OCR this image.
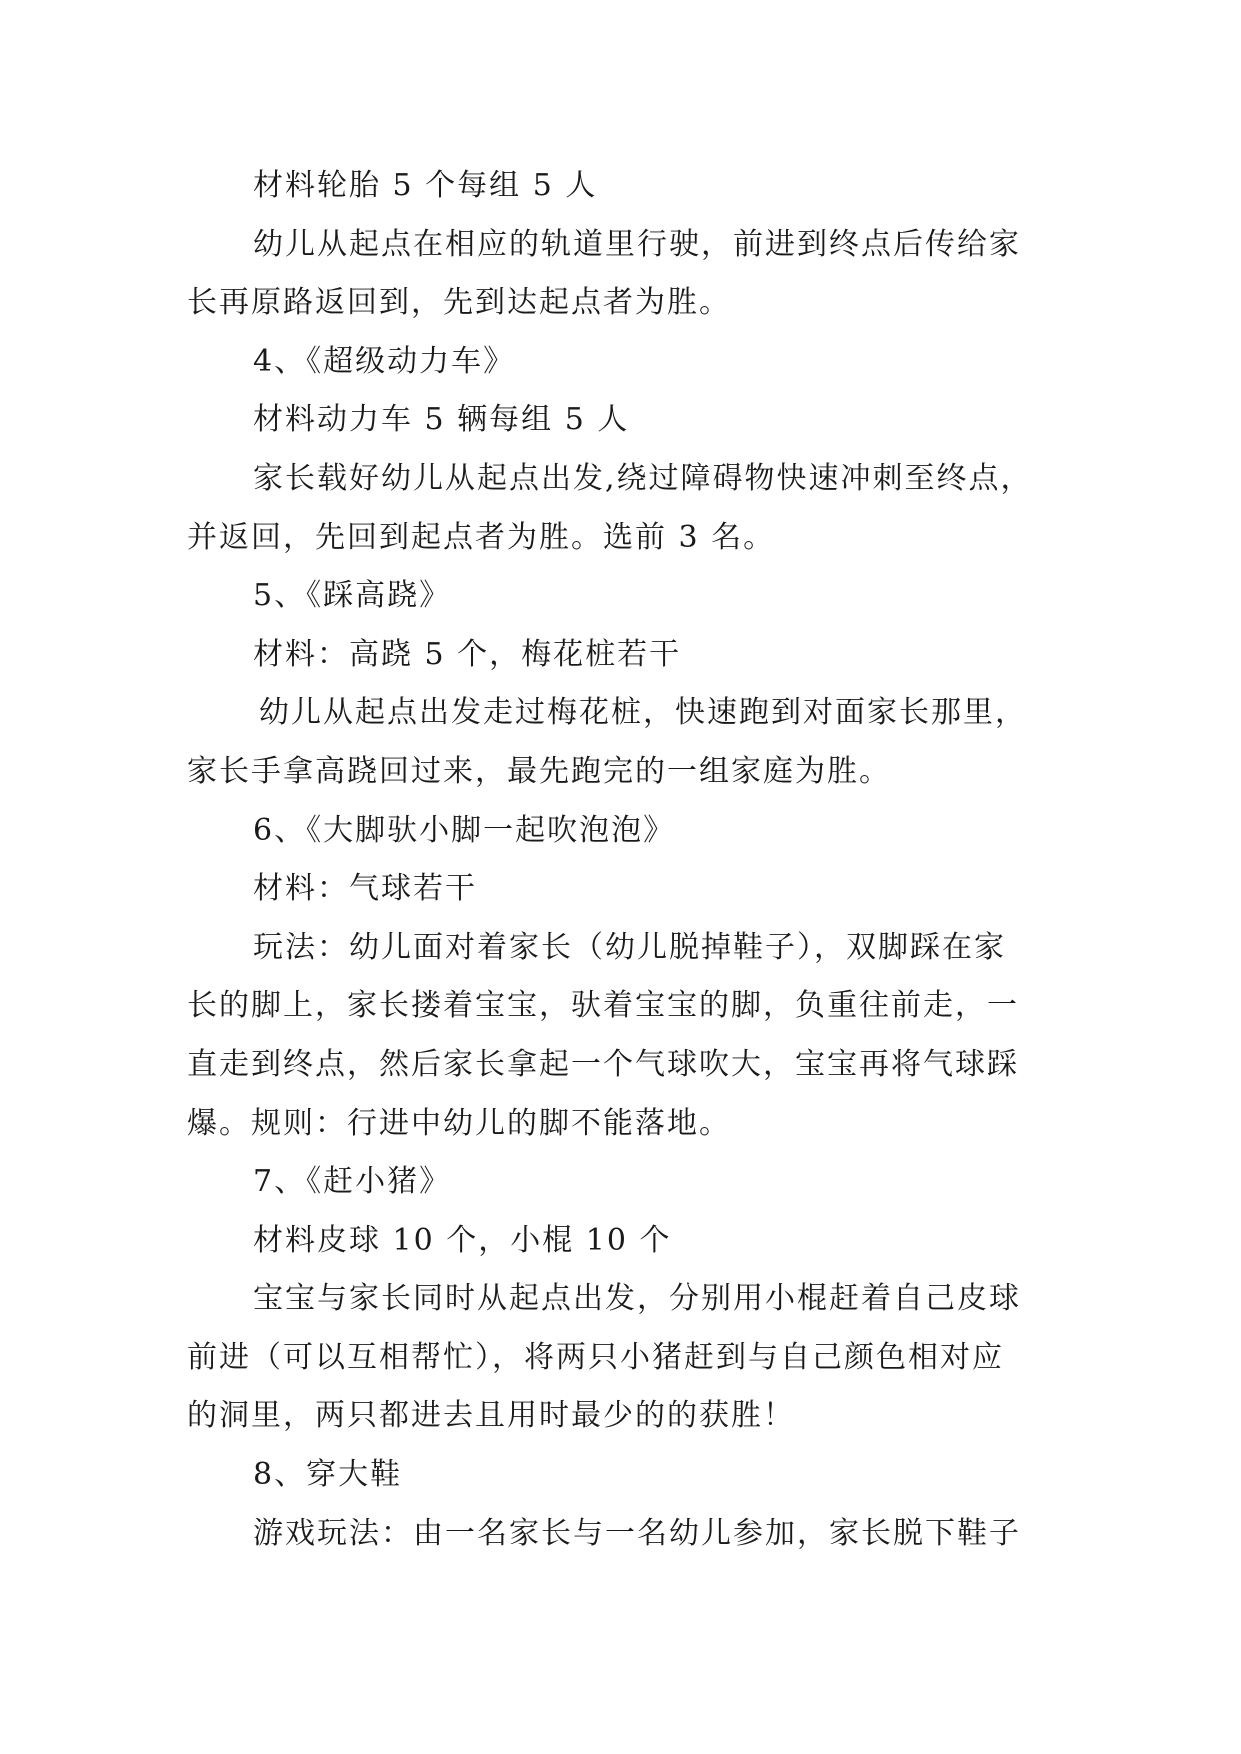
材料轮胎 5 个每组 5 人
幼儿从起点在相应的轨道里行驶，前进到终点后传给家
长再原路返回到，先到达起点者为胜。
4、《超级动力车》
材料动力车 5 辆每组 5 人
家长载好幼儿从起点出发,绕过障碍物快速冲刺至终点，
并返回，先回到起点者为胜。选前 3 名。
5、《踩高跷》
材料：高跷 5 个，梅花桩若干
幼儿从起点出发走过梅花桩，快速跑到对面家长那里，
家长手拿高跷回过来，最先跑完的一组家庭为胜。
6、《大脚驮小脚一起吹泡泡》
材料：气球若干
玩法：幼儿面对着家长（幼儿脱掉鞋子），双脚踩在家
长的脚上，家长搂着宝宝，驮着宝宝的脚，负重往前走，一
直走到终点，然后家长拿起一个气球吹大，宝宝再将气球踩
爆。规则：行进中幼儿的脚不能落地。
7、《赶小猪》
材料皮球 10 个，小棍 10 个
宝宝与家长同时从起点出发，分别用小棍赶着自己皮球
前进（可以互相帮忙），将两只小猪赶到与自己颜色相对应
的洞里，两只都进去且用时最少的的获胜！
8、穿大鞋
游戏玩法：由一名家长与一名幼儿参加，家长脱下鞋子
